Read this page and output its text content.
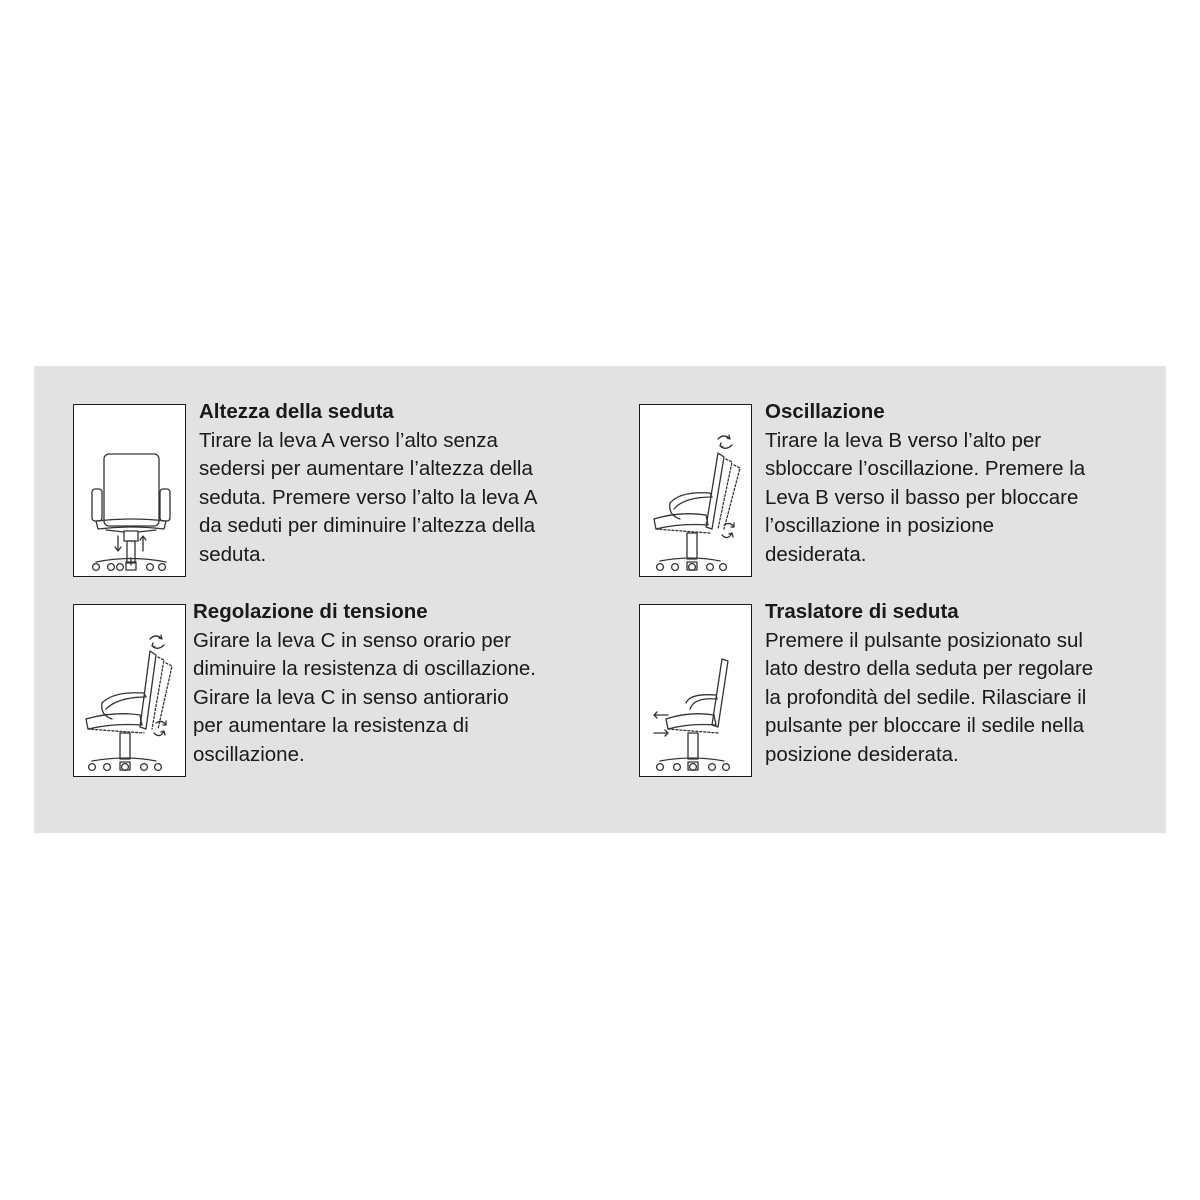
Altezza della seduta
Tirare la leva A verso l’alto senza
sedersi per aumentare l’altezza della
seduta. Premere verso l’alto la leva A
da seduti per diminuire l’altezza della
seduta.
Oscillazione
Tirare la leva B verso l’alto per
sbloccare l’oscillazione. Premere la
Leva B verso il basso per bloccare
l’oscillazione in posizione
desiderata.
Regolazione di tensione
Girare la leva C in senso orario per
diminuire la resistenza di oscillazione.
Girare la leva C in senso antiorario
per aumentare la resistenza di
oscillazione.
Traslatore di seduta
Premere il pulsante posizionato sul
lato destro della seduta per regolare
la profondità del sedile. Rilasciare il
pulsante per bloccare il sedile nella
posizione desiderata.
